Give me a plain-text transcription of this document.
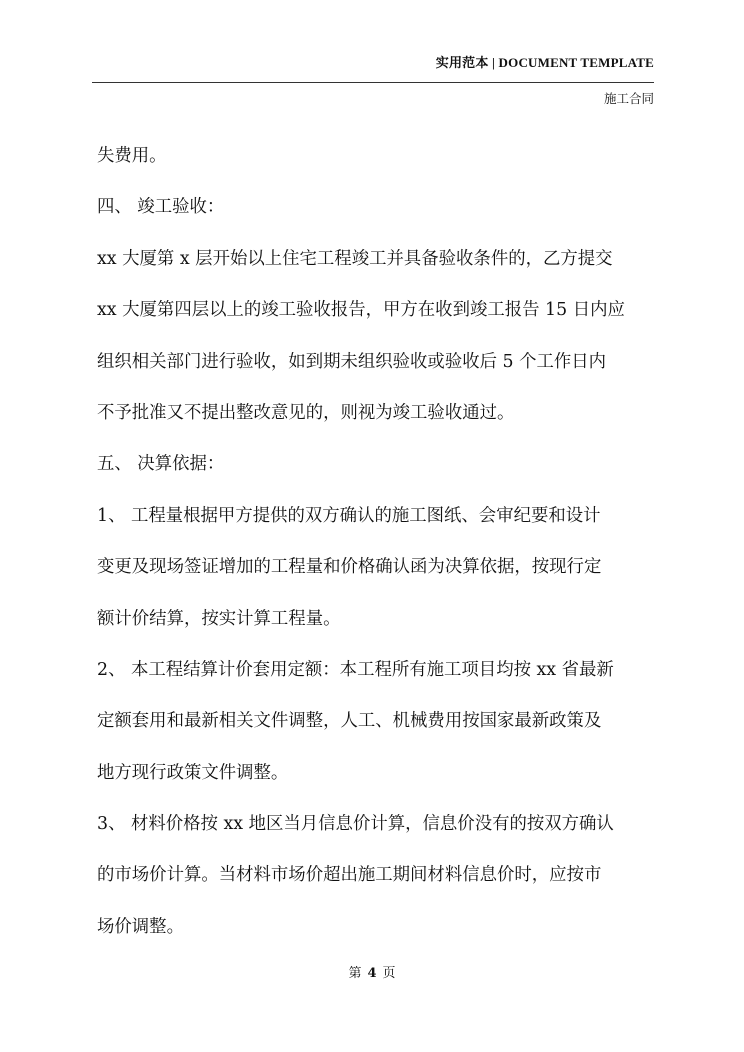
实用范本 | DOCUMENT TEMPLATE
施工合同
失费用。
四、 竣工验收：
xx 大厦第 x 层开始以上住宅工程竣工并具备验收条件的，乙方提交
xx 大厦第四层以上的竣工验收报告，甲方在收到竣工报告 15 日内应
组织相关部门进行验收，如到期未组织验收或验收后 5 个工作日内
不予批准又不提出整改意见的，则视为竣工验收通过。
五、 决算依据：
1、 工程量根据甲方提供的双方确认的施工图纸、会审纪要和设计
变更及现场签证增加的工程量和价格确认函为决算依据，按现行定
额计价结算，按实计算工程量。
2、 本工程结算计价套用定额：本工程所有施工项目均按 xx 省最新
定额套用和最新相关文件调整，人工、机械费用按国家最新政策及
地方现行政策文件调整。
3、 材料价格按 xx 地区当月信息价计算，信息价没有的按双方确认
的市场价计算。当材料市场价超出施工期间材料信息价时，应按市
场价调整。
第 4 页
